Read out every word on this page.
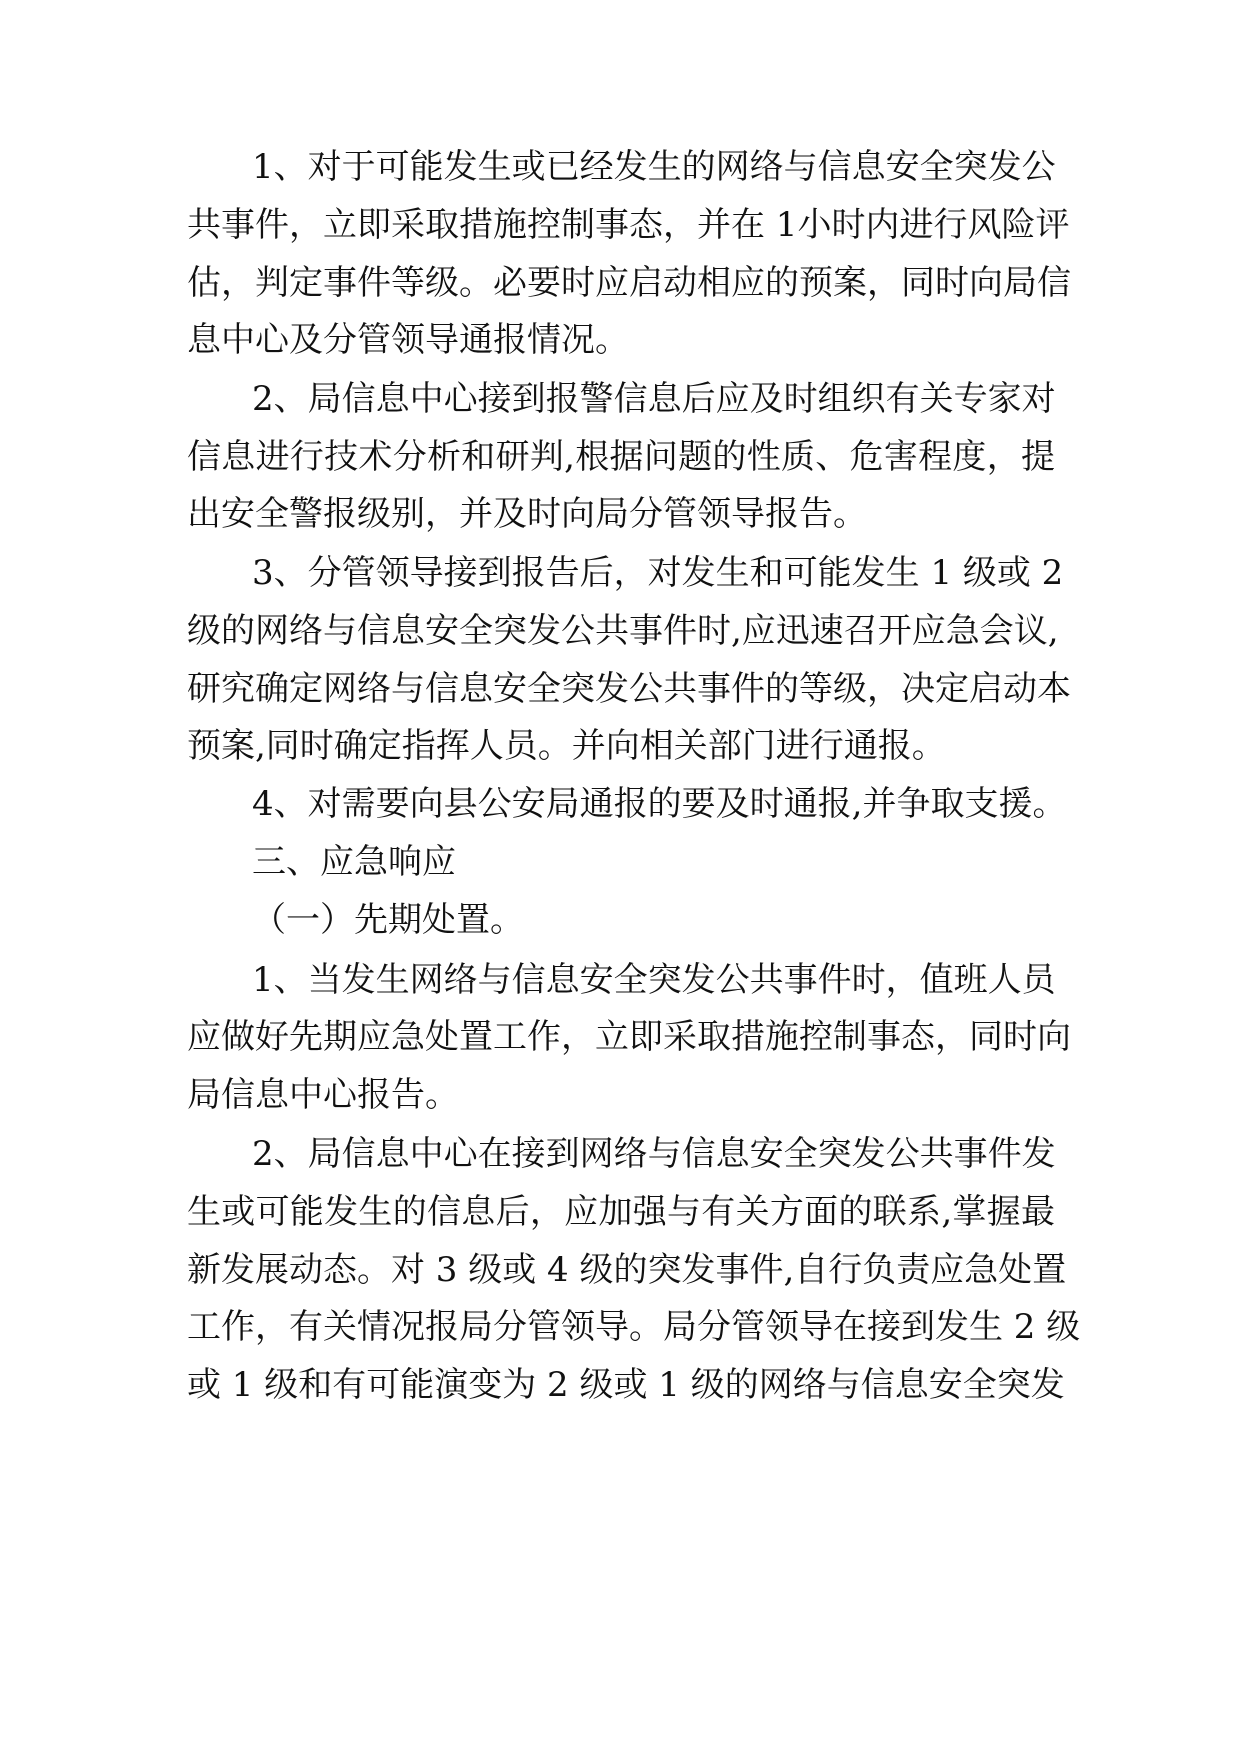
1、对于可能发生或已经发生的网络与信息安全突发公
共事件，立即采取措施控制事态，并在 1小时内进行风险评
估，判定事件等级。必要时应启动相应的预案，同时向局信
息中心及分管领导通报情况。
2、局信息中心接到报警信息后应及时组织有关专家对
信息进行技术分析和研判,根据问题的性质、危害程度，提
出安全警报级别，并及时向局分管领导报告。
3、分管领导接到报告后，对发生和可能发生 1 级或 2
级的网络与信息安全突发公共事件时,应迅速召开应急会议,
研究确定网络与信息安全突发公共事件的等级，决定启动本
预案,同时确定指挥人员。并向相关部门进行通报。
4、对需要向县公安局通报的要及时通报,并争取支援。
三、应急响应
（一）先期处置。
1、当发生网络与信息安全突发公共事件时，值班人员
应做好先期应急处置工作，立即采取措施控制事态，同时向
局信息中心报告。
2、局信息中心在接到网络与信息安全突发公共事件发
生或可能发生的信息后，应加强与有关方面的联系,掌握最
新发展动态。对 3 级或 4 级的突发事件,自行负责应急处置
工作，有关情况报局分管领导。局分管领导在接到发生 2 级
或 1 级和有可能演变为 2 级或 1 级的网络与信息安全突发
